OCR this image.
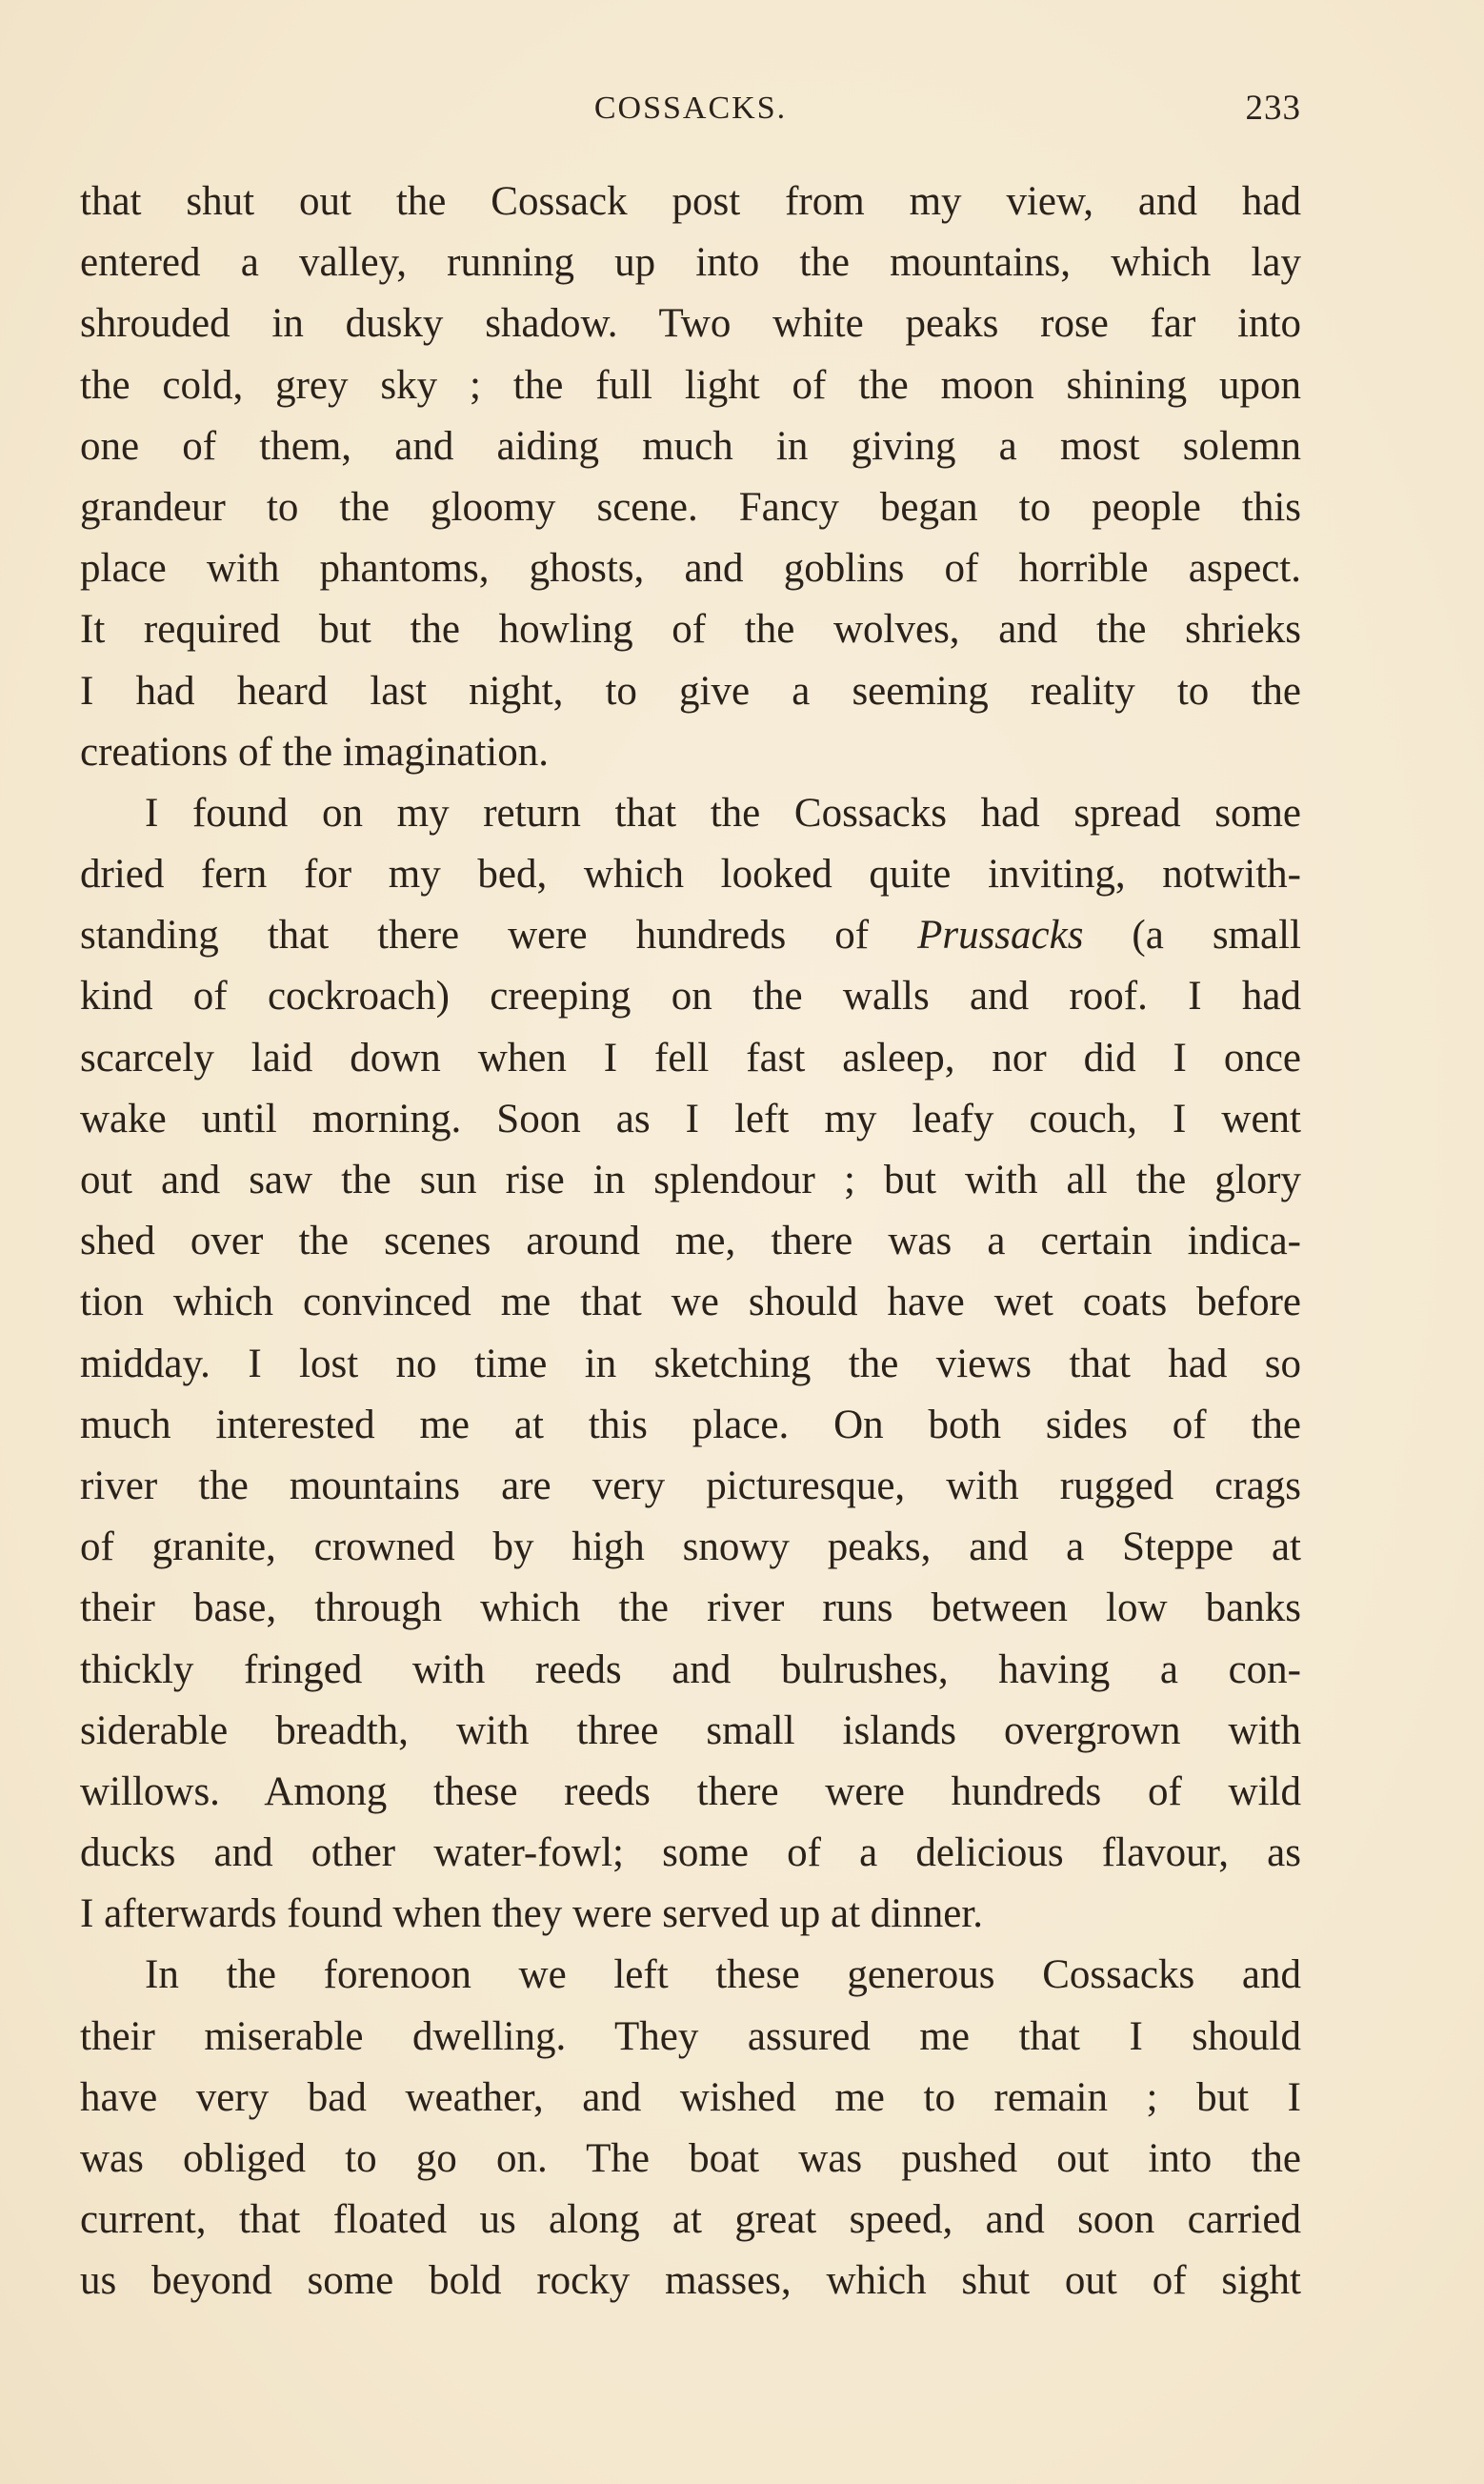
COSSACKS.	233
that shut out the Cossack post from my view, and had
entered a valley, running up into the mountains, which lay
shrouded in dusky shadow. Two white peaks rose far into
the cold, grey sky ; the full light of the moon shining upon
one of them, and aiding much in giving a most solemn
grandeur to the gloomy scene. Fancy began to people this
place with phantoms, ghosts, and goblins of horrible aspect.
It required but the howling of the wolves, and the shrieks
I had heard last night, to give a seeming reality to the
creations of the imagination.
I found on my return that the Cossacks had spread some
dried fern for my bed, which looked quite inviting, notwith-
standing that there were hundreds of Prussacks (a small
kind of cockroach) creeping on the walls and roof. I had
scarcely laid down when I fell fast asleep, nor did I once
wake until morning. Soon as I left my leafy couch, I went
out and saw the sun rise in splendour ; but with all the glory
shed over the scenes around me, there was a certain indica-
tion which convinced me that we should have wet coats before
midday. I lost no time in sketching the views that had so
much interested me at this place. On both sides of the
river the mountains are very picturesque, with rugged crags
of granite, crowned by high snowy peaks, and a Steppe at
their base, through which the river runs between low banks
thickly fringed with reeds and bulrushes, having a con-
siderable breadth, with three small islands overgrown with
willows. Among these reeds there were hundreds of wild
ducks and other water-fowl; some of a delicious flavour, as
I afterwards found when they were served up at dinner.
In the forenoon we left these generous Cossacks and
their miserable dwelling. They assured me that I should
have very bad weather, and wished me to remain ; but I
was obliged to go on. The boat was pushed out into the
current, that floated us along at great speed, and soon carried
us beyond some bold rocky masses, which shut out of sight
